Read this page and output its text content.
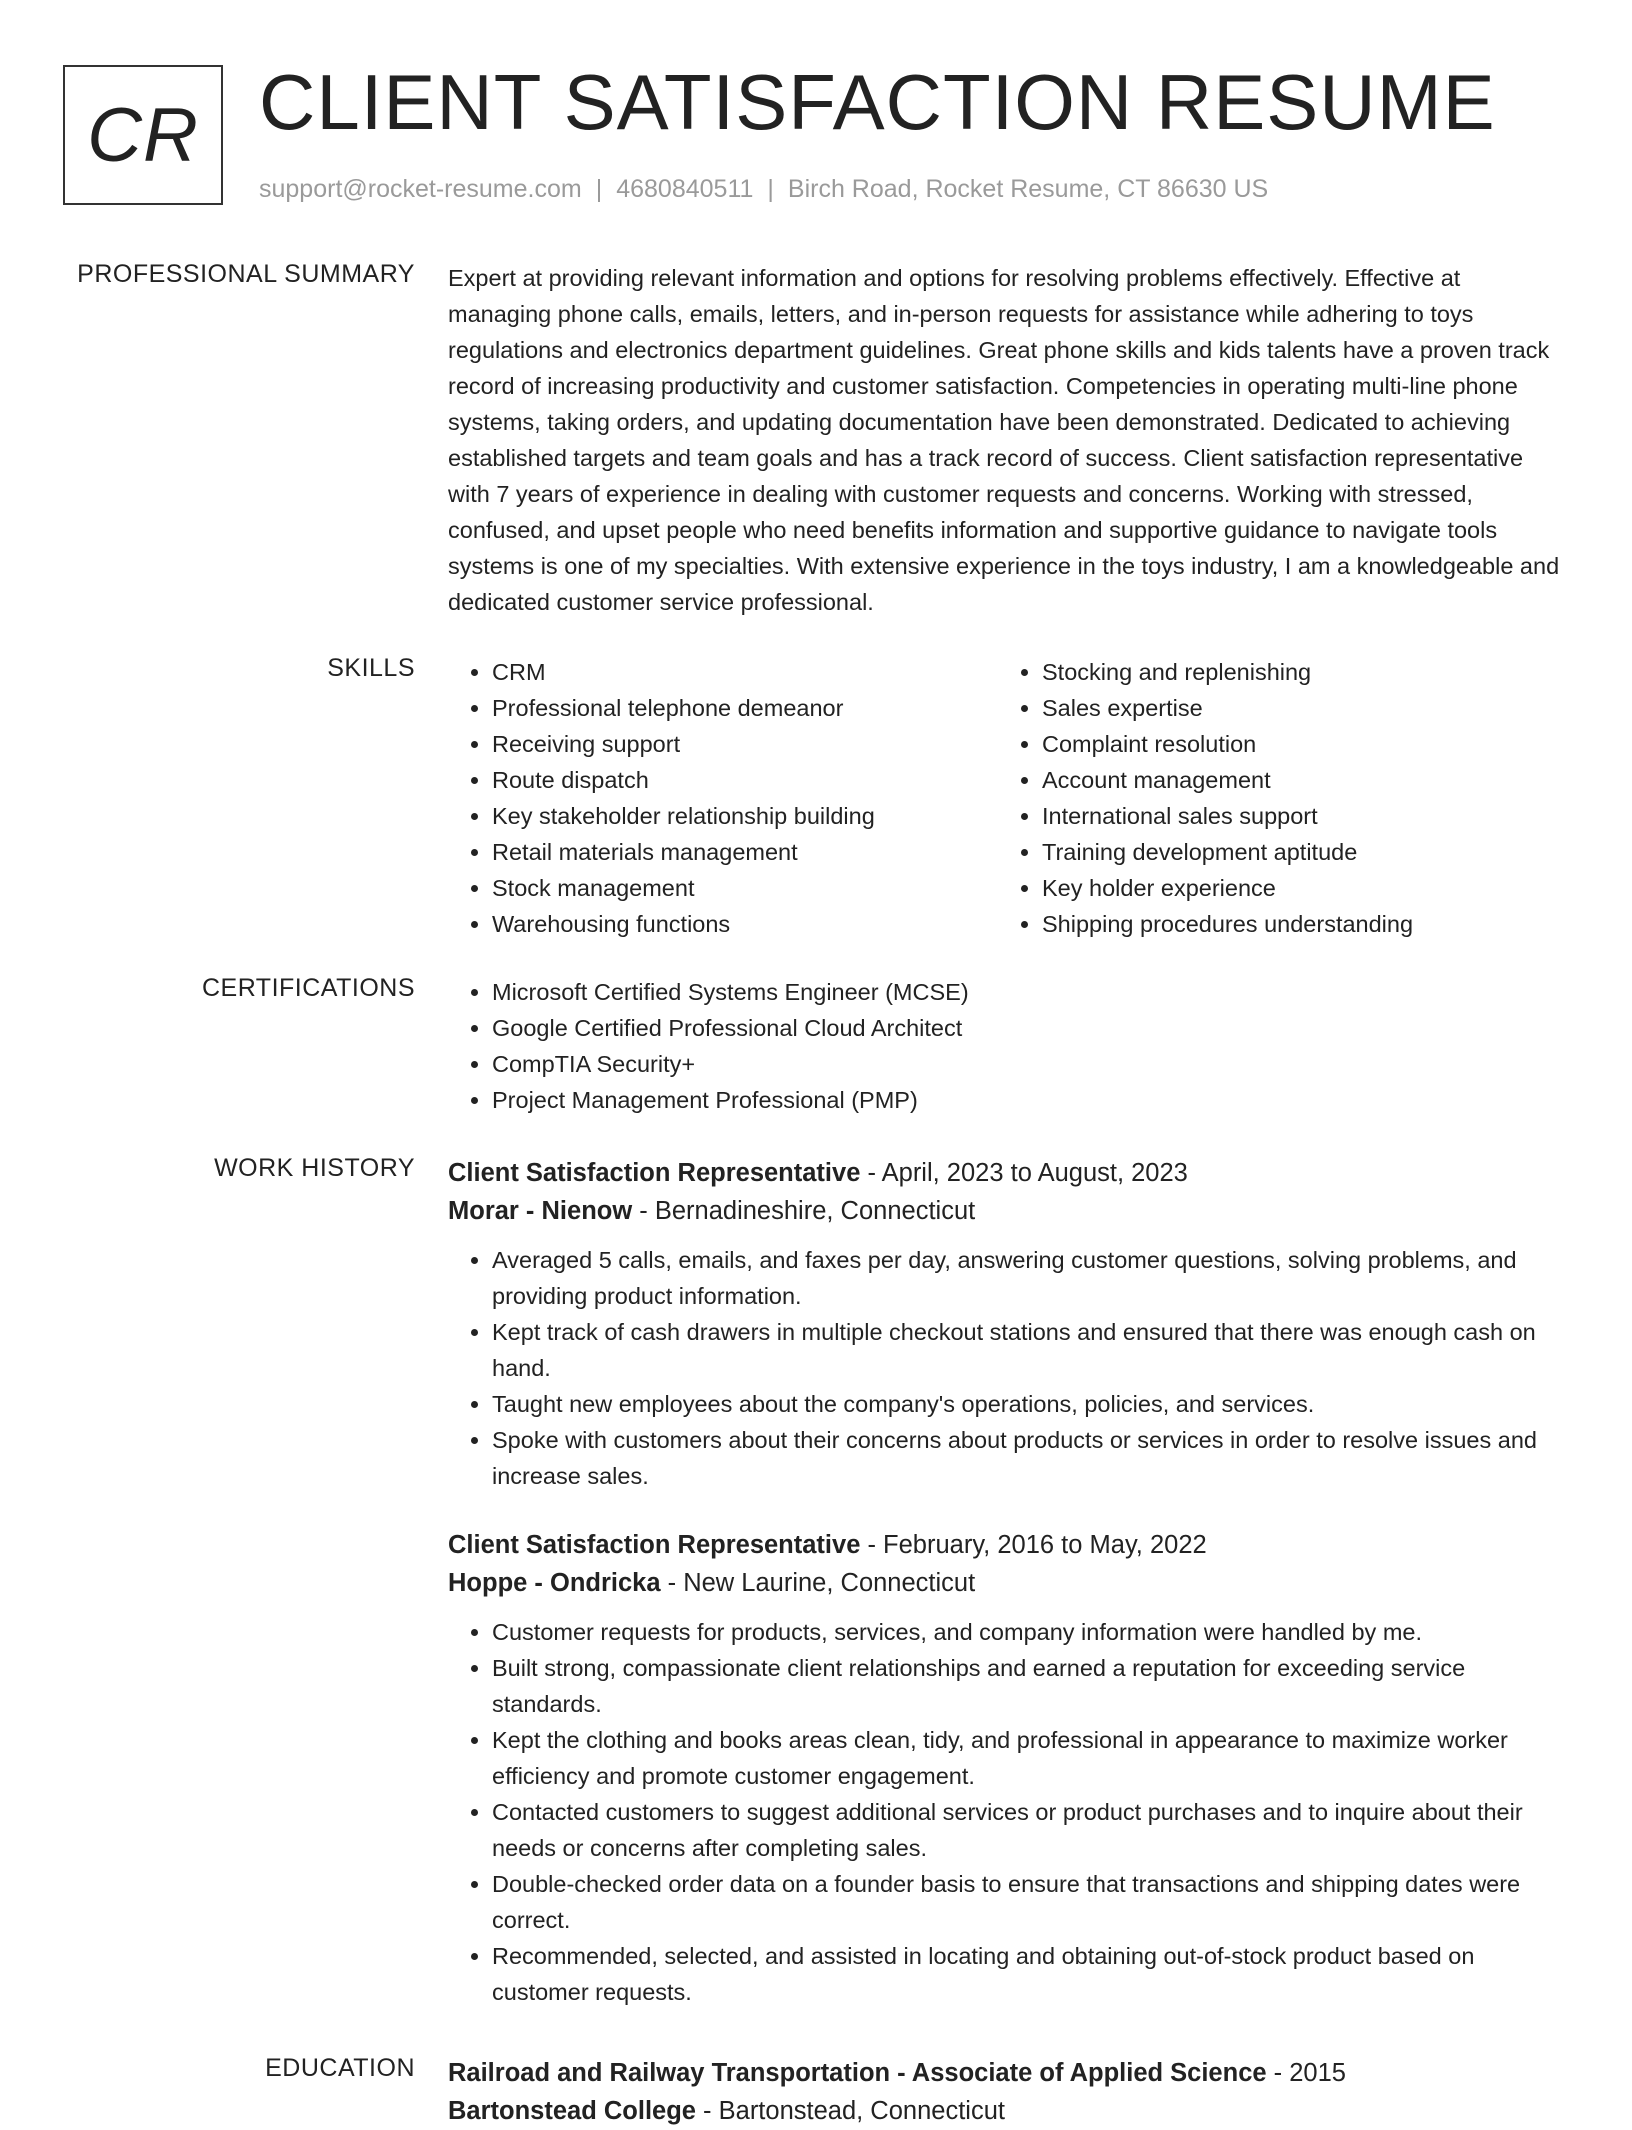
CR CLIENT SATISFACTION RESUME
support@rocket-resume.com | 4680840511 | Birch Road, Rocket Resume, CT 86630 US
PROFESSIONAL SUMMARY Expert at providing relevant information and options for resolving problems effectively. Effective at managing phone calls, emails, letters, and in-person requests for assistance while adhering to toys regulations and electronics department guidelines. Great phone skills and kids talents have a proven track record of increasing productivity and customer satisfaction. Competencies in operating multi-line phone systems, taking orders, and updating documentation have been demonstrated. Dedicated to achieving established targets and team goals and has a track record of success. Client satisfaction representative with 7 years of experience in dealing with customer requests and concerns. Working with stressed, confused, and upset people who need benefits information and supportive guidance to navigate tools systems is one of my specialties. With extensive experience in the toys industry, I am a knowledgeable and dedicated customer service professional.

SKILLS	• CRM
• Professional telephone demeanor
• Receiving support
• Route dispatch
• Key stakeholder relationship building
• Retail materials management
• Stock management
• Warehousing functions
• Stocking and replenishing
• Sales expertise
• Complaint resolution
• Account management
• International sales support
• Training development aptitude
• Key holder experience
• Shipping procedures understanding
CERTIFICATIONS	• Microsoft Certified Systems Engineer (MCSE)
• Google Certified Professional Cloud Architect
• CompTIA Security+
• Project Management Professional (PMP)
WORK HISTORY Client Satisfaction Representative - April, 2023 to August, 2023
Morar - Nienow - Bernadineshire, Connecticut
• Averaged 5 calls, emails, and faxes per day, answering customer questions, solving problems, and providing product information.
• Kept track of cash drawers in multiple checkout stations and ensured that there was enough cash on hand.
• Taught new employees about the company's operations, policies, and services.
• Spoke with customers about their concerns about products or services in order to resolve issues and increase sales.
Client Satisfaction Representative - February, 2016 to May, 2022
Hoppe - Ondricka - New Laurine, Connecticut
• Customer requests for products, services, and company information were handled by me.
• Built strong, compassionate client relationships and earned a reputation for exceeding service standards.
• Kept the clothing and books areas clean, tidy, and professional in appearance to maximize worker efficiency and promote customer engagement.
• Contacted customers to suggest additional services or product purchases and to inquire about their needs or concerns after completing sales.
• Double-checked order data on a founder basis to ensure that transactions and shipping dates were correct.
• Recommended, selected, and assisted in locating and obtaining out-of-stock product based on customer requests.
EDUCATION Railroad and Railway Transportation - Associate of Applied Science - 2015
Bartonstead College - Bartonstead, Connecticut
